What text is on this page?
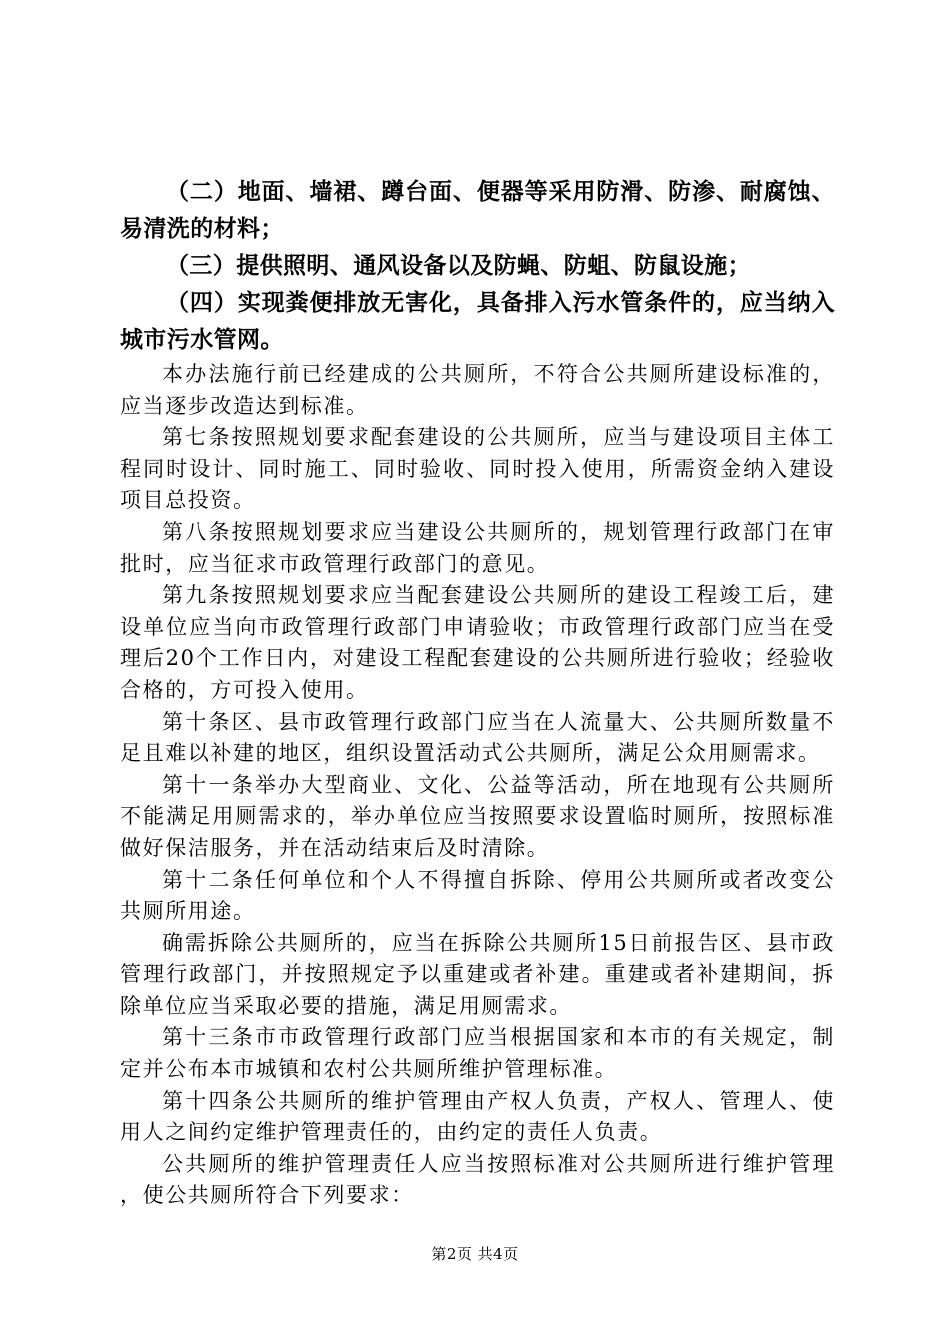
（二）地面、墙裙、蹲台面、便器等采用防滑、防渗、耐腐蚀、易清洗的材料；

（三）提供照明、通风设备以及防蝇、防蛆、防鼠设施；

（四）实现粪便排放无害化，具备排入污水管条件的，应当纳入城市污水管网。

本办法施行前已经建成的公共厕所，不符合公共厕所建设标准的，应当逐步改造达到标准。

第七条按照规划要求配套建设的公共厕所，应当与建设项目主体工程同时设计、同时施工、同时验收、同时投入使用，所需资金纳入建设项目总投资。

第八条按照规划要求应当建设公共厕所的，规划管理行政部门在审批时，应当征求市政管理行政部门的意见。

第九条按照规划要求应当配套建设公共厕所的建设工程竣工后，建设单位应当向市政管理行政部门申请验收；市政管理行政部门应当在受理后20个工作日内，对建设工程配套建设的公共厕所进行验收；经验收合格的，方可投入使用。

第十条区、县市政管理行政部门应当在人流量大、公共厕所数量不足且难以补建的地区，组织设置活动式公共厕所，满足公众用厕需求。

第十一条举办大型商业、文化、公益等活动，所在地现有公共厕所不能满足用厕需求的，举办单位应当按照要求设置临时厕所，按照标准做好保洁服务，并在活动结束后及时清除。

第十二条任何单位和个人不得擅自拆除、停用公共厕所或者改变公共厕所用途。

确需拆除公共厕所的，应当在拆除公共厕所15日前报告区、县市政管理行政部门，并按照规定予以重建或者补建。重建或者补建期间，拆除单位应当采取必要的措施，满足用厕需求。

第十三条市市政管理行政部门应当根据国家和本市的有关规定，制定并公布本市城镇和农村公共厕所维护管理标准。

第十四条公共厕所的维护管理由产权人负责，产权人、管理人、使用人之间约定维护管理责任的，由约定的责任人负责。

公共厕所的维护管理责任人应当按照标准对公共厕所进行维护管理，使公共厕所符合下列要求：

第2页 共4页
